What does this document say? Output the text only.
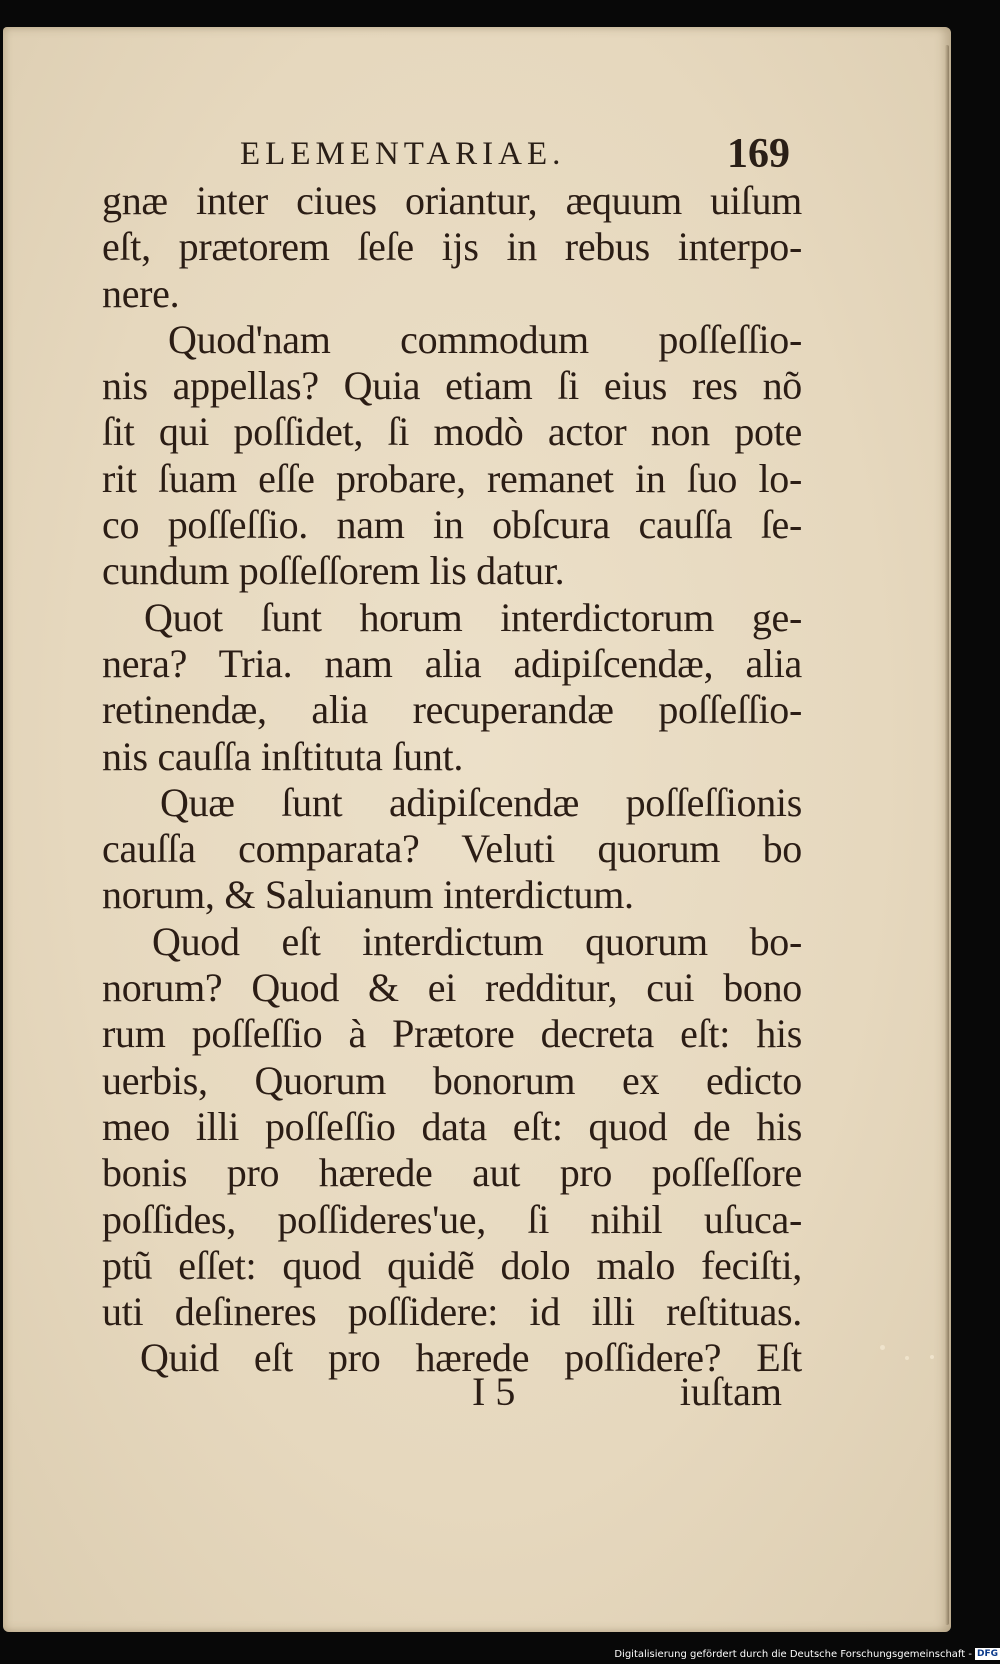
ELEMENTARIAE.	169
gnæ inter ciues oriantur, æquum uiſum
eſt, prætorem ſeſe ijs in rebus interpo-
nere.
Quod'nam commodum poſſeſſio-
nis appellas? Quia etiam ſi eius res nõ
ſit qui poſſidet, ſi modò actor non pote
rit ſuam eſſe probare, remanet in ſuo lo-
co poſſeſſio. nam in obſcura cauſſa ſe-
cundum poſſeſſorem lis datur.
Quot ſunt horum interdictorum ge-
nera? Tria. nam alia adipiſcendæ, alia
retinendæ, alia recuperandæ poſſeſſio-
nis cauſſa inſtituta ſunt.
Quæ ſunt adipiſcendæ poſſeſſionis
cauſſa comparata? Veluti quorum bo
norum, & Saluianum interdictum.
Quod eſt interdictum quorum bo-
norum? Quod & ei redditur, cui bono
rum poſſeſſio à Prætore decreta eſt: his
uerbis, Quorum bonorum ex edicto
meo illi poſſeſſio data eſt: quod de his
bonis pro hærede aut pro poſſeſſore
poſſides, poſſideres'ue, ſi nihil uſuca-
ptũ eſſet: quod quidẽ dolo malo feciſti,
uti deſineres poſſidere: id illi reſtituas.
Quid eſt pro hærede poſſidere? Eſt
I 5	iuſtam
Digitalisierung gefördert durch die Deutsche Forschungsgemeinschaft - DFG
